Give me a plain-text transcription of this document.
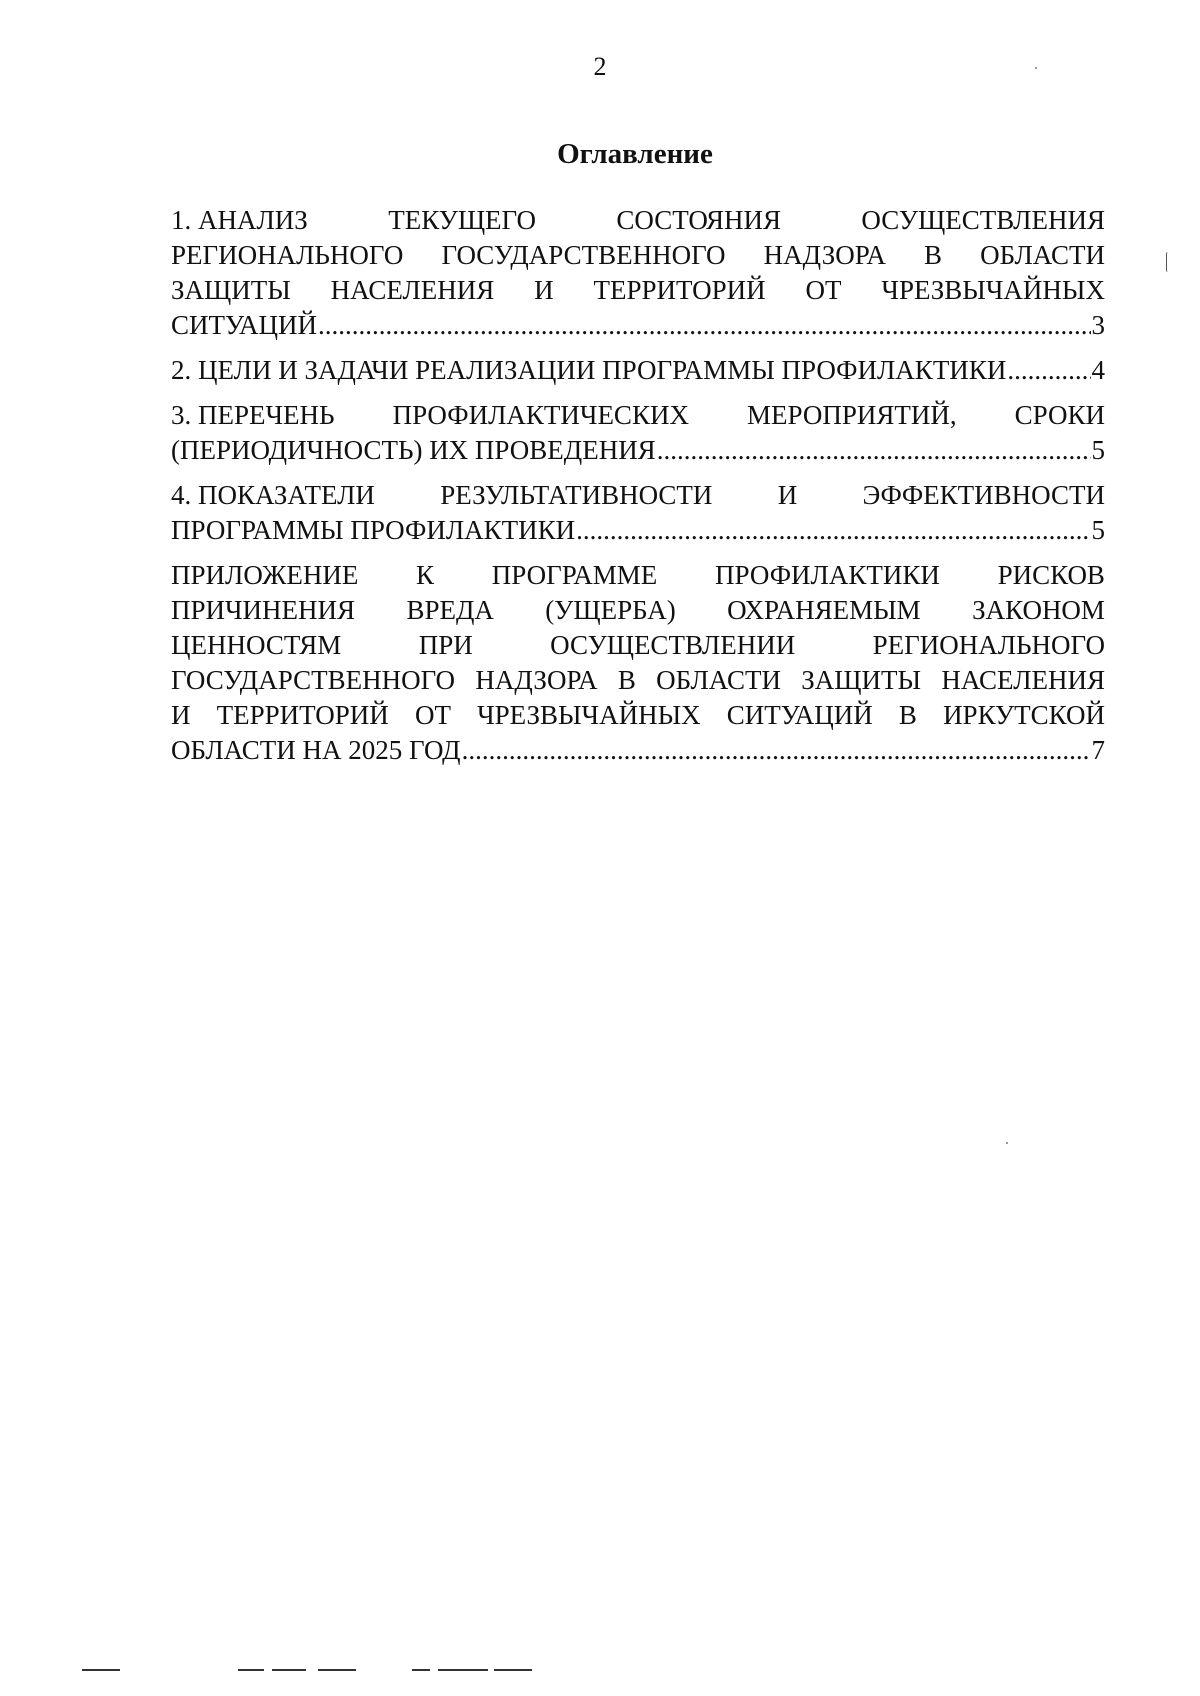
2
Оглавление
1. АНАЛИЗ	ТЕКУЩЕГО	СОСТОЯНИЯ	ОСУЩЕСТВЛЕНИЯ
РЕГИОНАЛЬНОГО ГОСУДАРСТВЕННОГО НАДЗОРА В ОБЛАСТИ
ЗАЩИТЫ НАСЕЛЕНИЯ И ТЕРРИТОРИЙ ОТ ЧРЕЗВЫЧАЙНЫХ
СИТУАЦИЙ .....	3
2. ЦЕЛИ И ЗАДАЧИ РЕАЛИЗАЦИИ ПРОГРАММЫ ПРОФИЛАКТИКИ .....	4
3. ПЕРЕЧЕНЬ ПРОФИЛАКТИЧЕСКИХ МЕРОПРИЯТИЙ, СРОКИ
(ПЕРИОДИЧНОСТЬ) ИХ ПРОВЕДЕНИЯ .....	5
4. ПОКАЗАТЕЛИ РЕЗУЛЬТАТИВНОСТИ И ЭФФЕКТИВНОСТИ
ПРОГРАММЫ ПРОФИЛАКТИКИ .....	5
ПРИЛОЖЕНИЕ К ПРОГРАММЕ ПРОФИЛАКТИКИ РИСКОВ
ПРИЧИНЕНИЯ ВРЕДА (УЩЕРБА) ОХРАНЯЕМЫМ ЗАКОНОМ
ЦЕННОСТЯМ	ПРИ	ОСУЩЕСТВЛЕНИИ	РЕГИОНАЛЬНОГО
ГОСУДАРСТВЕННОГО НАДЗОРА В ОБЛАСТИ ЗАЩИТЫ НАСЕЛЕНИЯ
И ТЕРРИТОРИЙ ОТ ЧРЕЗВЫЧАЙНЫХ СИТУАЦИЙ В ИРКУТСКОЙ
ОБЛАСТИ НА 2025 ГОД .....	7
